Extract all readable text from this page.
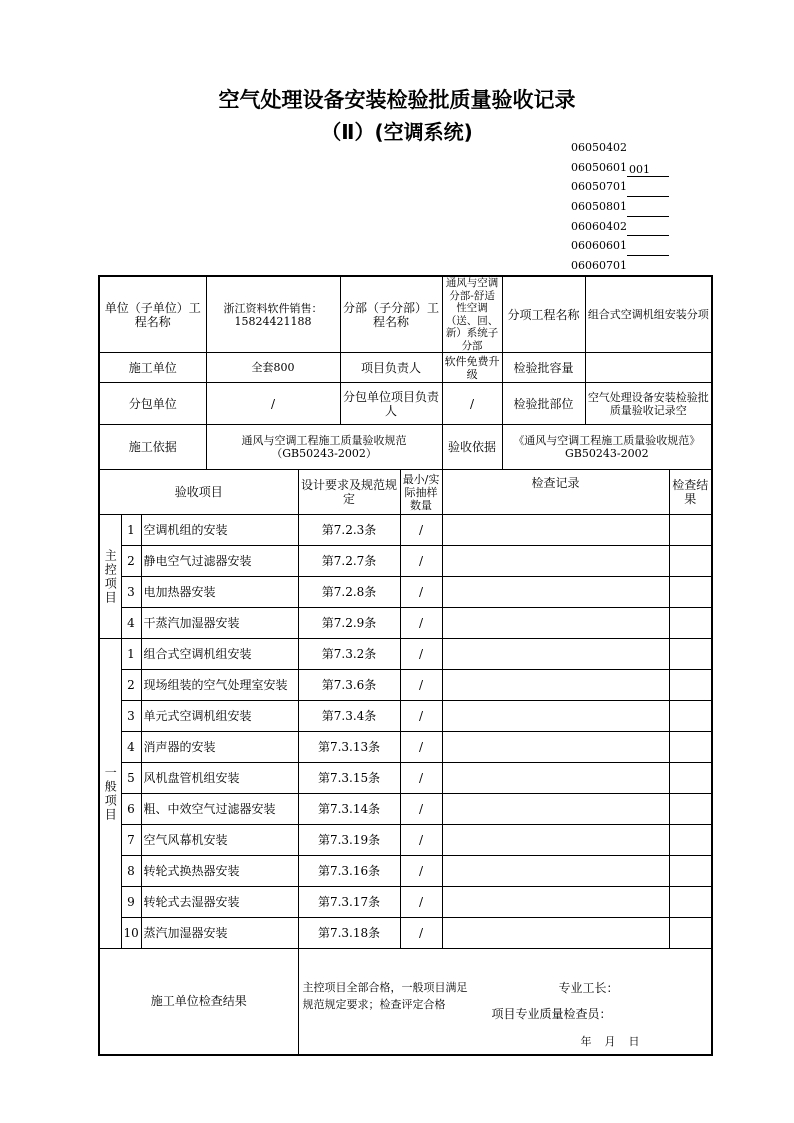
空气处理设备安装检验批质量验收记录
（Ⅱ）(空调系统)
06050402
06050601 001
06050701
06050801
06060402
06060601
06060701
单位（子单位）工程名称			浙江资料软件销售：15824421188		分部（子分部）工程名称		通风与空调分部-舒适性空调（送、回、新）系统子分部	分项工程名称	组合式空调机组安装分项	
施工单位			全套800		项目负责人		软件免费升级	检验批容量		
分包单位			/		分包单位项目负责人		/	检验批部位	空气处理设备安装检验批质量验收记录空	
施工依据			通风与空调工程施工质量验收规范（GB50243-2002）				验收依据	《通风与空调工程施工质量验收规范》GB50243-2002		
验收项目				设计要求及规范规定		最小/实际抽样数量	检查记录			检查结果
主控项目	1	空调机组的安装		第7.2.3条		/				
	2	静电空气过滤器安装		第7.2.7条		/				
	3	电加热器安装		第7.2.8条		/				
	4	干蒸汽加湿器安装		第7.2.9条		/				
一般项目	1	组合式空调机组安装		第7.3.2条		/				
	2	现场组装的空气处理室安装		第7.3.6条		/				
	3	单元式空调机组安装		第7.3.4条		/				
	4	消声器的安装		第7.3.13条		/				
	5	风机盘管机组安装		第7.3.15条		/				
	6	粗、中效空气过滤器安装		第7.3.14条		/				
	7	空气风幕机安装		第7.3.19条		/				
	8	转轮式换热器安装		第7.3.16条		/				
	9	转轮式去湿器安装		第7.3.17条		/				
	10	蒸汽加湿器安装		第7.3.18条		/				
施工单位检查结果				主控项目全部合格，一般项目满足规范规定要求；检查评定合格
专业工长：
项目专业质量检查员：
年  月  日						
